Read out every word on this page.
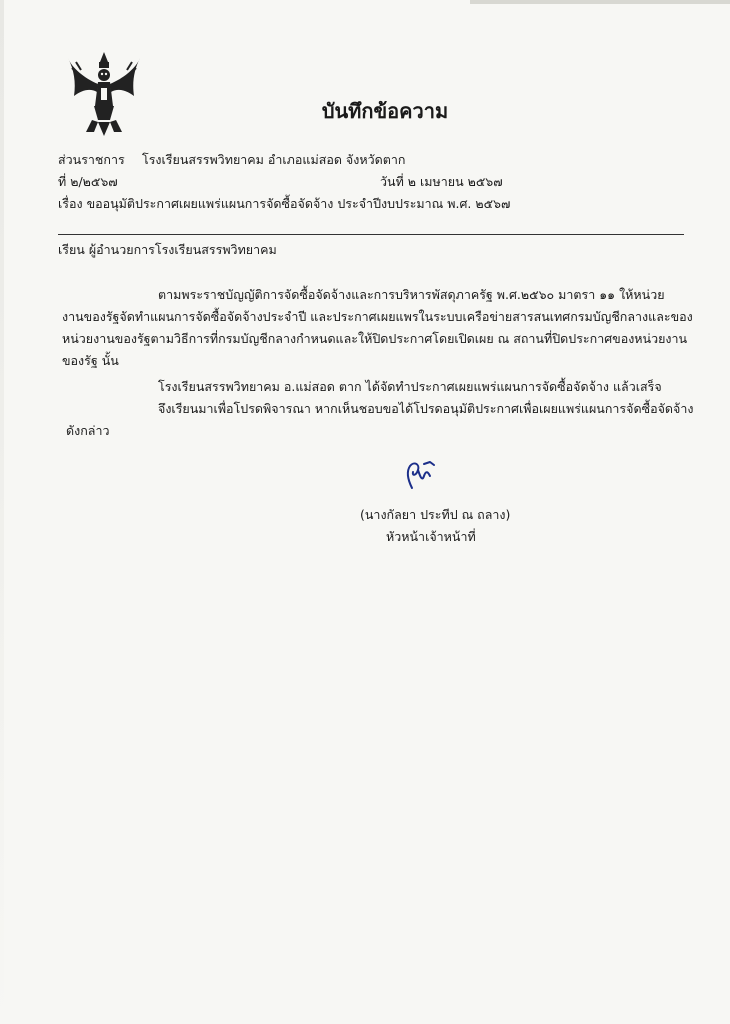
บันทึกข้อความ
ส่วนราชการ โรงเรียนสรรพวิทยาคม อำเภอแม่สอด จังหวัดตาก
ที่ ๒/๒๕๖๗	วันที่ ๒ เมษายน ๒๕๖๗
เรื่อง ขออนุมัติประกาศเผยแพร่แผนการจัดซื้อจัดจ้าง ประจำปีงบประมาณ พ.ศ. ๒๕๖๗
เรียน ผู้อำนวยการโรงเรียนสรรพวิทยาคม
ตามพระราชบัญญัติการจัดซื้อจัดจ้างและการบริหารพัสดุภาครัฐ พ.ศ.๒๕๖๐ มาตรา ๑๑ ให้หน่วย
งานของรัฐจัดทำแผนการจัดซื้อจัดจ้างประจำปี และประกาศเผยแพรในระบบเครือข่ายสารสนเทศกรมบัญชีกลางและของ
หน่วยงานของรัฐตามวิธีการที่กรมบัญชีกลางกำหนดและให้ปิดประกาศโดยเปิดเผย ณ สถานที่ปิดประกาศของหน่วยงาน
ของรัฐ นั้น
โรงเรียนสรรพวิทยาคม อ.แม่สอด ตาก ได้จัดทำประกาศเผยแพร่แผนการจัดซื้อจัดจ้าง แล้วเสร็จ
จึงเรียนมาเพื่อโปรดพิจารณา หากเห็นชอบขอได้โปรดอนุมัติประกาศเพื่อเผยแพร่แผนการจัดซื้อจัดจ้าง
ดังกล่าว
(นางกัลยา ประทีป ณ ถลาง)
หัวหน้าเจ้าหน้าที่
